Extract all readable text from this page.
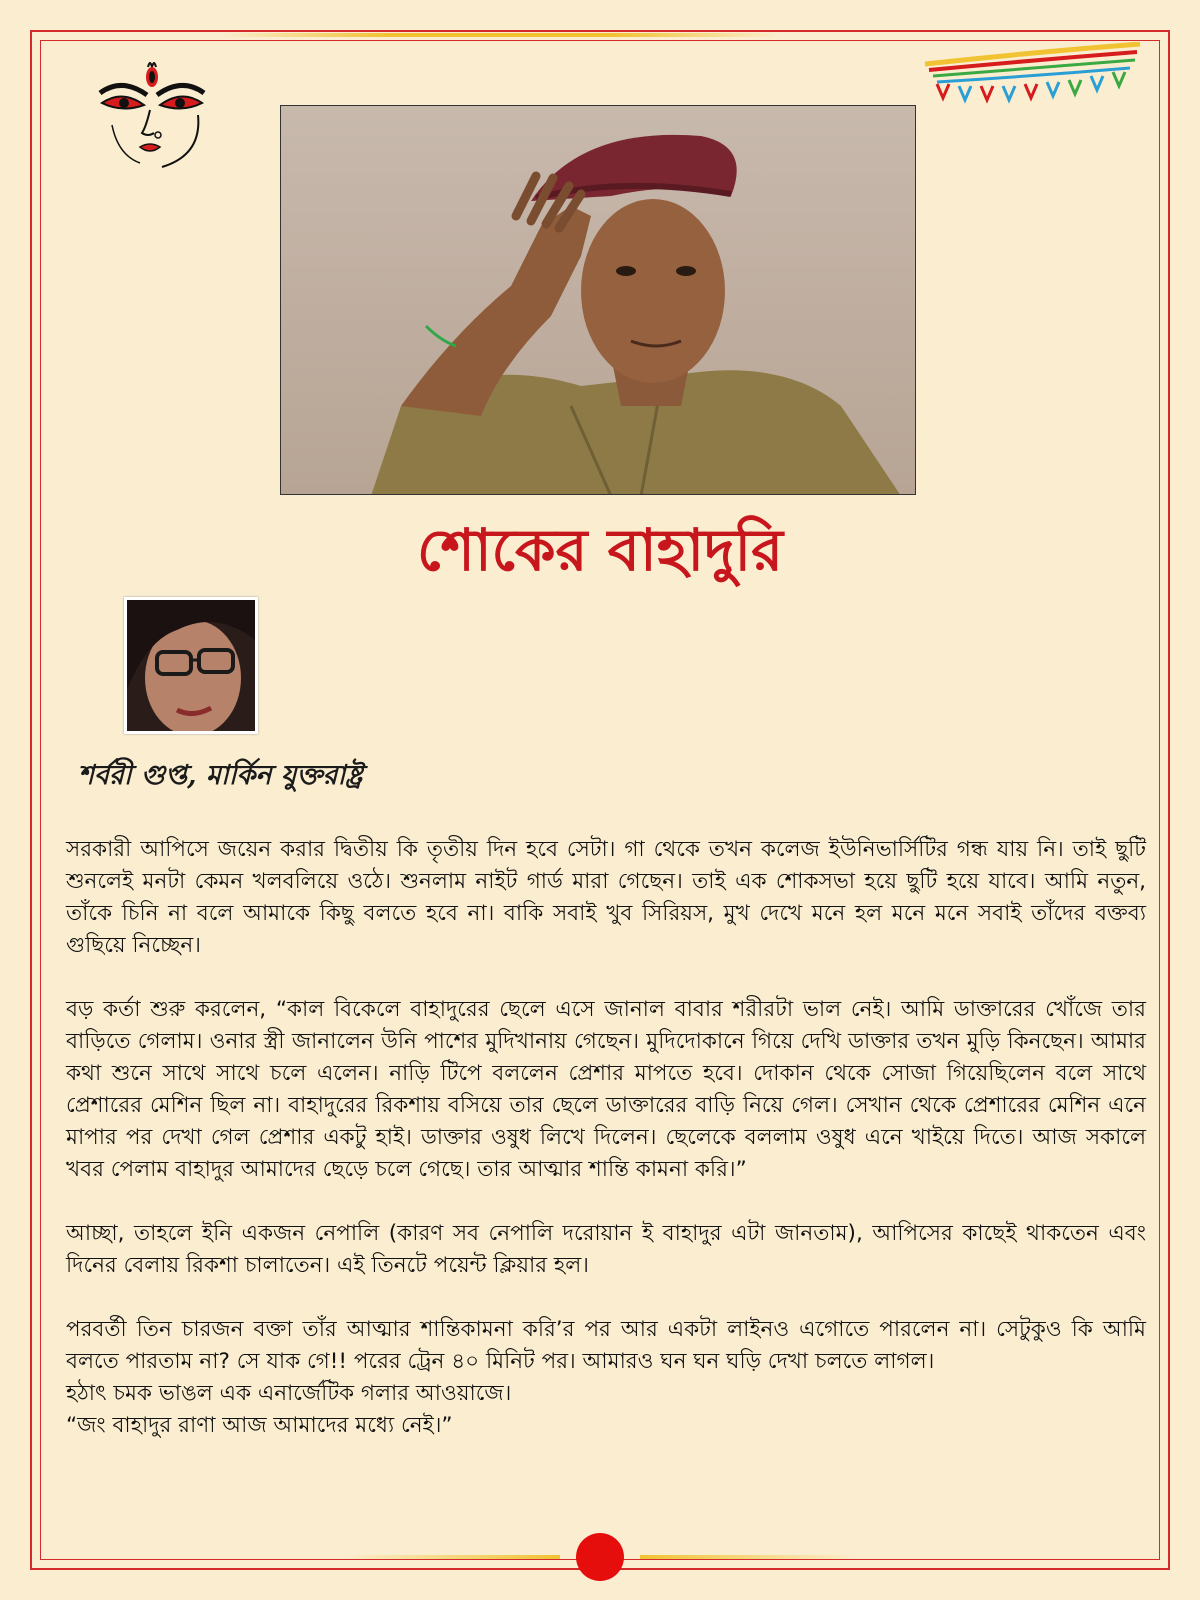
শোকের বাহাদুরি

শর্বরী গুপ্ত, মার্কিন যুক্তরাষ্ট্র

সরকারী আপিসে জয়েন করার দ্বিতীয় কি তৃতীয় দিন হবে সেটা। গা থেকে তখন কলেজ ইউনিভার্সিটির গন্ধ যায় নি। তাই ছুটি শুনলেই মনটা কেমন খলবলিয়ে ওঠে। শুনলাম নাইট গার্ড মারা গেছেন। তাই এক শোকসভা হয়ে ছুটি হয়ে যাবে। আমি নতুন, তাঁকে চিনি না বলে আমাকে কিছু বলতে হবে না। বাকি সবাই খুব সিরিয়স, মুখ দেখে মনে হল মনে মনে সবাই তাঁদের বক্তব্য গুছিয়ে নিচ্ছেন।

বড় কর্তা শুরু করলেন, “কাল বিকেলে বাহাদুরের ছেলে এসে জানাল বাবার শরীরটা ভাল নেই। আমি ডাক্তারের খোঁজে তার বাড়িতে গেলাম। ওনার স্ত্রী জানালেন উনি পাশের মুদিখানায় গেছেন। মুদিদোকানে গিয়ে দেখি ডাক্তার তখন মুড়ি কিনছেন। আমার কথা শুনে সাথে সাথে চলে এলেন। নাড়ি টিপে বললেন প্রেশার মাপতে হবে। দোকান থেকে সোজা গিয়েছিলেন বলে সাথে প্রেশারের মেশিন ছিল না। বাহাদুরের রিকশায় বসিয়ে তার ছেলে ডাক্তারের বাড়ি নিয়ে গেল। সেখান থেকে প্রেশারের মেশিন এনে মাপার পর দেখা গেল প্রেশার একটু হাই। ডাক্তার ওষুধ লিখে দিলেন। ছেলেকে বললাম ওষুধ এনে খাইয়ে দিতে। আজ সকালে খবর পেলাম বাহাদুর আমাদের ছেড়ে চলে গেছে। তার আত্মার শান্তি কামনা করি।”

আচ্ছা, তাহলে ইনি একজন নেপালি (কারণ সব নেপালি দরোয়ান ই বাহাদুর এটা জানতাম), আপিসের কাছেই থাকতেন এবং দিনের বেলায় রিকশা চালাতেন। এই তিনটে পয়েন্ট ক্লিয়ার হল।

পরবর্তী তিন চারজন বক্তা তাঁর আত্মার শান্তিকামনা করি’র পর আর একটা লাইনও এগোতে পারলেন না। সেটুকুও কি আমি বলতে পারতাম না? সে যাক গে!! পরের ট্রেন ৪০ মিনিট পর। আমারও ঘন ঘন ঘড়ি দেখা চলতে লাগল।

হঠাৎ চমক ভাঙল এক এনার্জেটিক গলার আওয়াজে।

“জং বাহাদুর রাণা আজ আমাদের মধ্যে নেই।”
